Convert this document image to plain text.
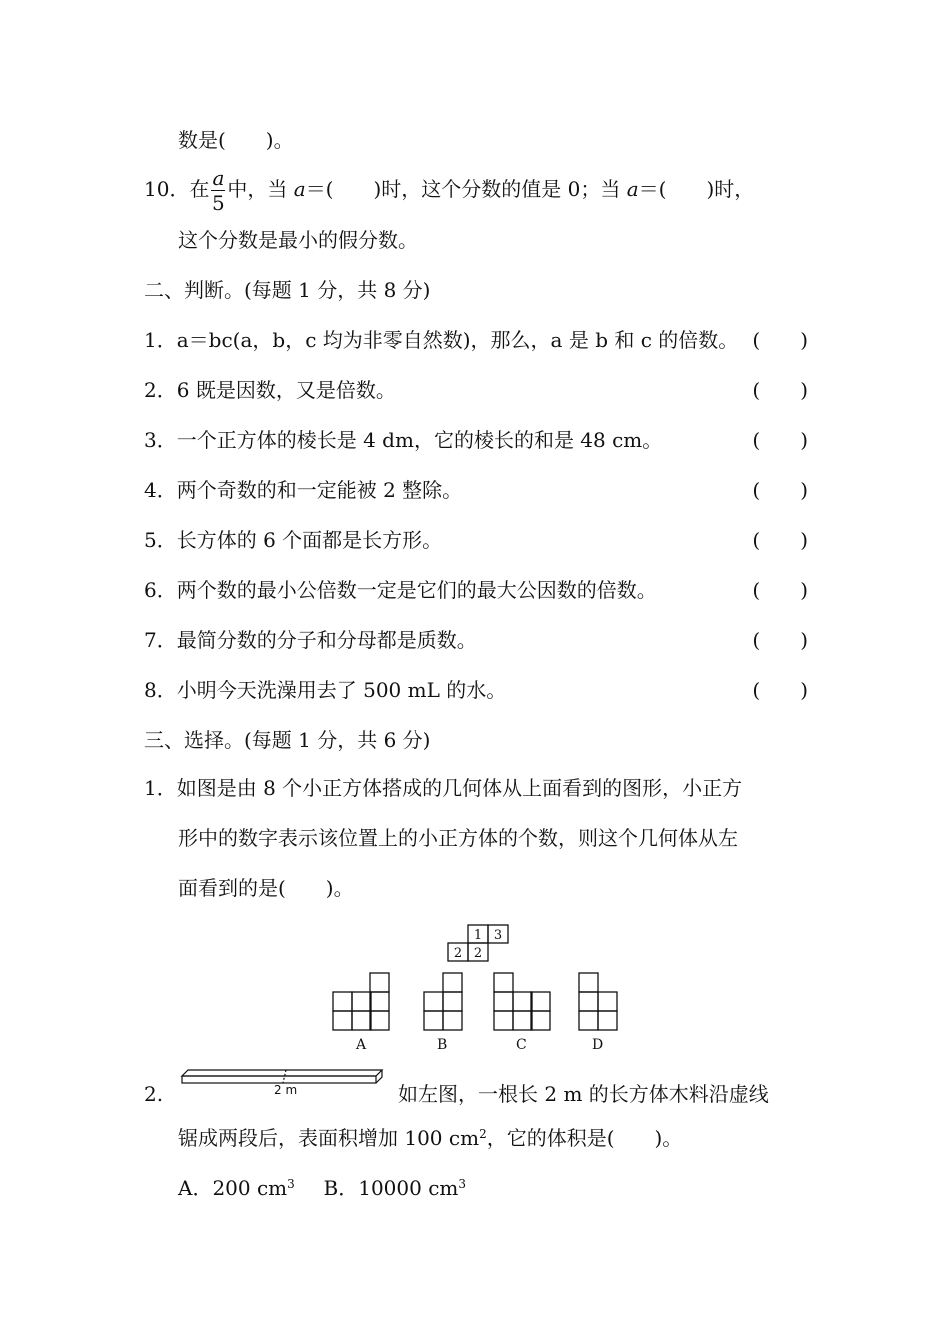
数是(　　)。
10．在 $\frac{a}{5}$ 中，当 a＝(　　)时，这个分数的值是 0；当 a＝(　　)时，
这个分数是最小的假分数。
二、判断。(每题 1 分，共 8 分)
1．a＝bc(a，b，c 均为非零自然数)，那么，a 是 b 和 c 的倍数。 (　　)
2．6 既是因数，又是倍数。	(　　)
3．一个正方体的棱长是 4 dm，它的棱长的和是 48 cm。	(　　)
4．两个奇数的和一定能被 2 整除。	(　　)
5．长方体的 6 个面都是长方形。	(　　)
6．两个数的最小公倍数一定是它们的最大公因数的倍数。	(　　)
7．最简分数的分子和分母都是质数。	(　　)
8．小明今天洗澡用去了 500 mL 的水。	(　　)
三、选择。(每题 1 分，共 6 分)
1．如图是由 8 个小正方体搭成的几何体从上面看到的图形，小正方
形中的数字表示该位置上的小正方体的个数，则这个几何体从左
面看到的是(　　)。
1 3
2 2
A	B	C	D
2.	2 m	如左图，一根长 2 m 的长方体木料沿虚线
锯成两段后，表面积增加 100 $cm^2$，它的体积是(　　)。
A．200 $cm^3$ B．10000 $cm^3$
